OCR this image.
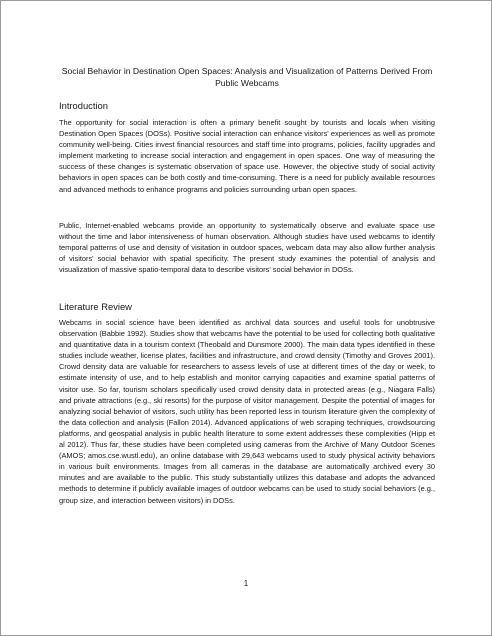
Social Behavior in Destination Open Spaces: Analysis and Visualization of Patterns Derived From Public Webcams
Introduction

The opportunity for social interaction is often a primary benefit sought by tourists and locals when visiting Destination Open Spaces (DOSs). Positive social interaction can enhance visitors' experiences as well as promote community well-being. Cities invest financial resources and staff time into programs, policies, facility upgrades and implement marketing to increase social interaction and engagement in open spaces. One way of measuring the success of these changes is systematic observation of space use. However, the objective study of social activity behaviors in open spaces can be both costly and time-consuming. There is a need for publicly available resources and advanced methods to enhance programs and policies surrounding urban open spaces.

Public, Internet-enabled webcams provide an opportunity to systematically observe and evaluate space use without the time and labor intensiveness of human observation. Although studies have used webcams to identify temporal patterns of use and density of visitation in outdoor spaces, webcam data may also allow further analysis of visitors' social behavior with spatial specificity. The present study examines the potential of analysis and visualization of massive spatio-temporal data to describe visitors' social behavior in DOSs.

Literature Review

Webcams in social science have been identified as archival data sources and useful tools for unobtrusive observation (Babbie 1992). Studies show that webcams have the potential to be used for collecting both qualitative and quantitative data in a tourism context (Theobald and Dunsmore 2000). The main data types identified in these studies include weather, license plates, facilities and infrastructure, and crowd density (Timothy and Groves 2001). Crowd density data are valuable for researchers to assess levels of use at different times of the day or week, to estimate intensity of use, and to help establish and monitor carrying capacities and examine spatial patterns of visitor use. So far, tourism scholars specifically used crowd density data in protected areas (e.g., Niagara Falls) and private attractions (e.g., ski resorts) for the purpose of visitor management. Despite the potential of images for analyzing social behavior of visitors, such utility has been reported less in tourism literature given the complexity of the data collection and analysis (Fallon 2014). Advanced applications of web scraping techniques, crowdsourcing platforms, and geospatial analysis in public health literature to some extent addresses these complexities (Hipp et al 2012). Thus far, these studies have been completed using cameras from the Archive of Many Outdoor Scenes (AMOS; amos.cse.wustl.edu), an online database with 29,643 webcams used to study physical activity behaviors in various built environments. Images from all cameras in the database are automatically archived every 30 minutes and are available to the public. This study substantially utilizes this database and adopts the advanced methods to determine if publicly available images of outdoor webcams can be used to study social behaviors (e.g., group size, and interaction between visitors) in DOSs.

1
